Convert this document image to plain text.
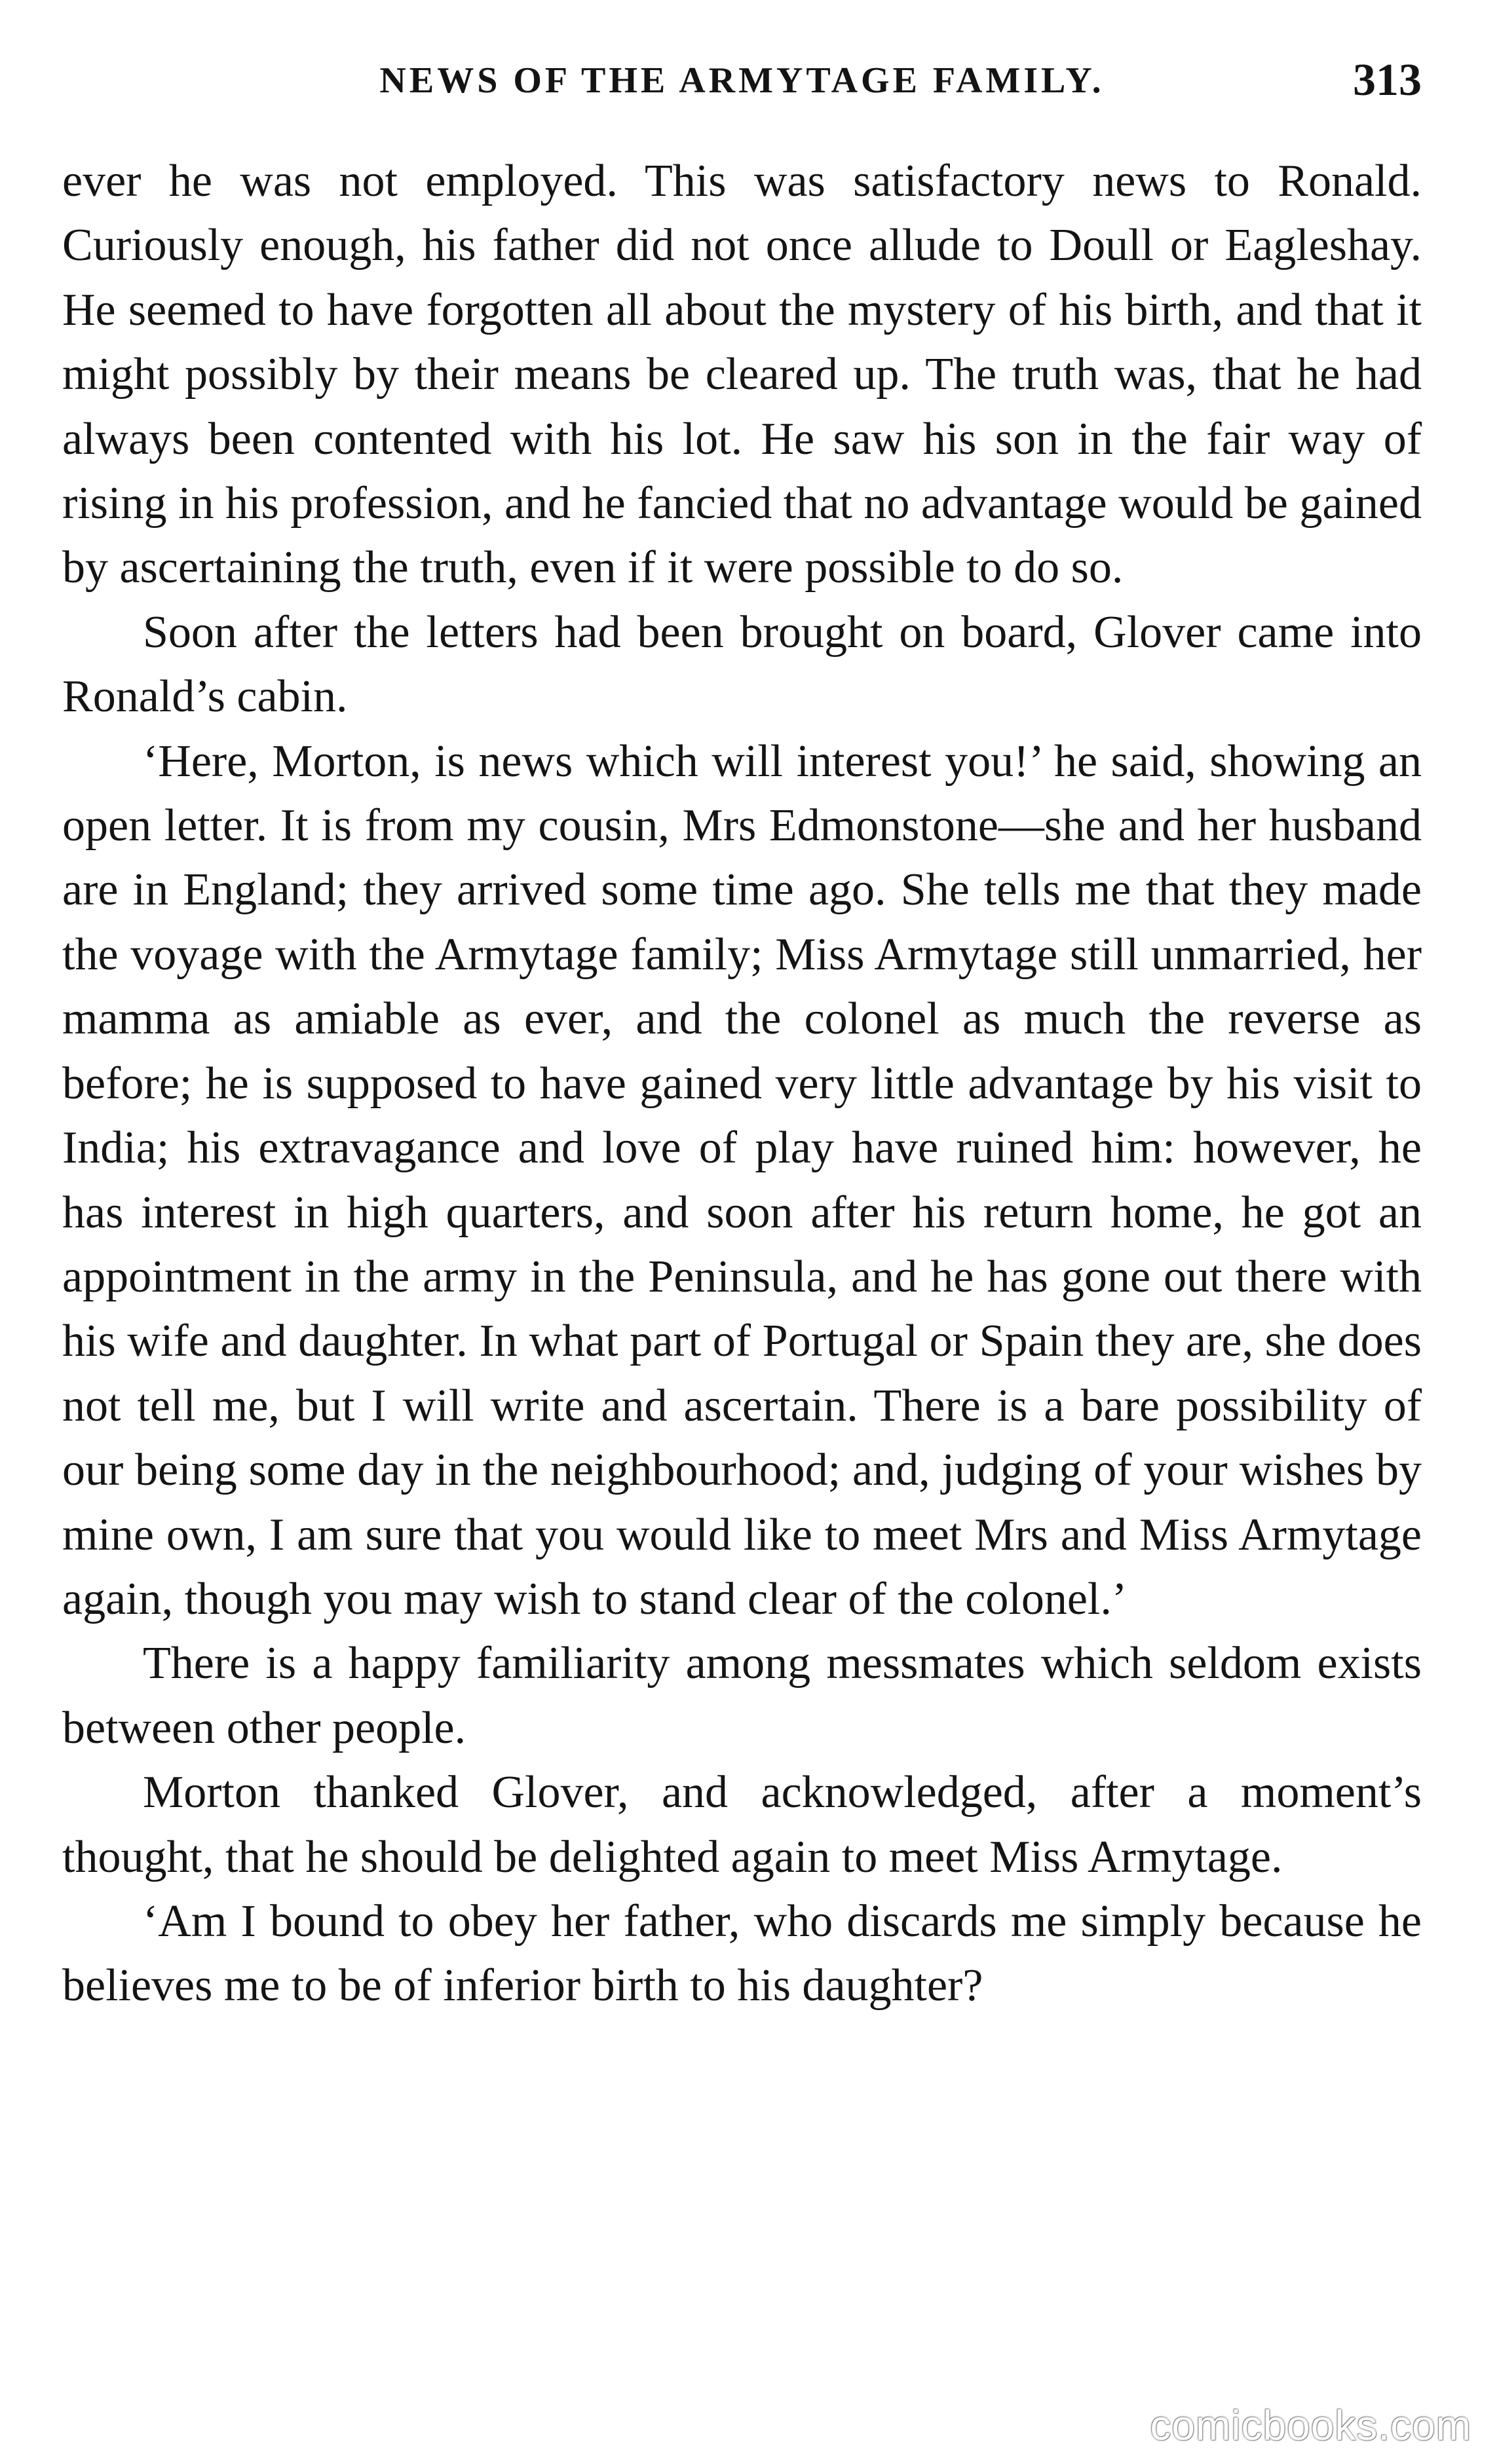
NEWS OF THE ARMYTAGE FAMILY.	313

ever he was not employed. This was satisfactory news to Ronald. Curiously enough, his father did not once allude to Doull or Eagleshay. He seemed to have forgotten all about the mystery of his birth, and that it might possibly by their means be cleared up. The truth was, that he had always been contented with his lot. He saw his son in the fair way of rising in his profession, and he fancied that no advantage would be gained by ascertaining the truth, even if it were possible to do so.

Soon after the letters had been brought on board, Glover came into Ronald’s cabin.

‘Here, Morton, is news which will interest you!’ he said, showing an open letter. It is from my cousin, Mrs Edmonstone—she and her husband are in England; they arrived some time ago. She tells me that they made the voyage with the Armytage family; Miss Armytage still unmarried, her mamma as amiable as ever, and the colonel as much the reverse as before; he is supposed to have gained very little advantage by his visit to India; his extravagance and love of play have ruined him: however, he has interest in high quarters, and soon after his return home, he got an appointment in the army in the Peninsula, and he has gone out there with his wife and daughter. In what part of Portugal or Spain they are, she does not tell me, but I will write and ascertain. There is a bare possibility of our being some day in the neighbourhood; and, judging of your wishes by mine own, I am sure that you would like to meet Mrs and Miss Armytage again, though you may wish to stand clear of the colonel.’

There is a happy familiarity among messmates which seldom exists between other people.

Morton thanked Glover, and acknowledged, after a moment’s thought, that he should be delighted again to meet Miss Armytage.

‘Am I bound to obey her father, who discards me simply because he believes me to be of inferior birth to his daughter?

comicbooks.com
